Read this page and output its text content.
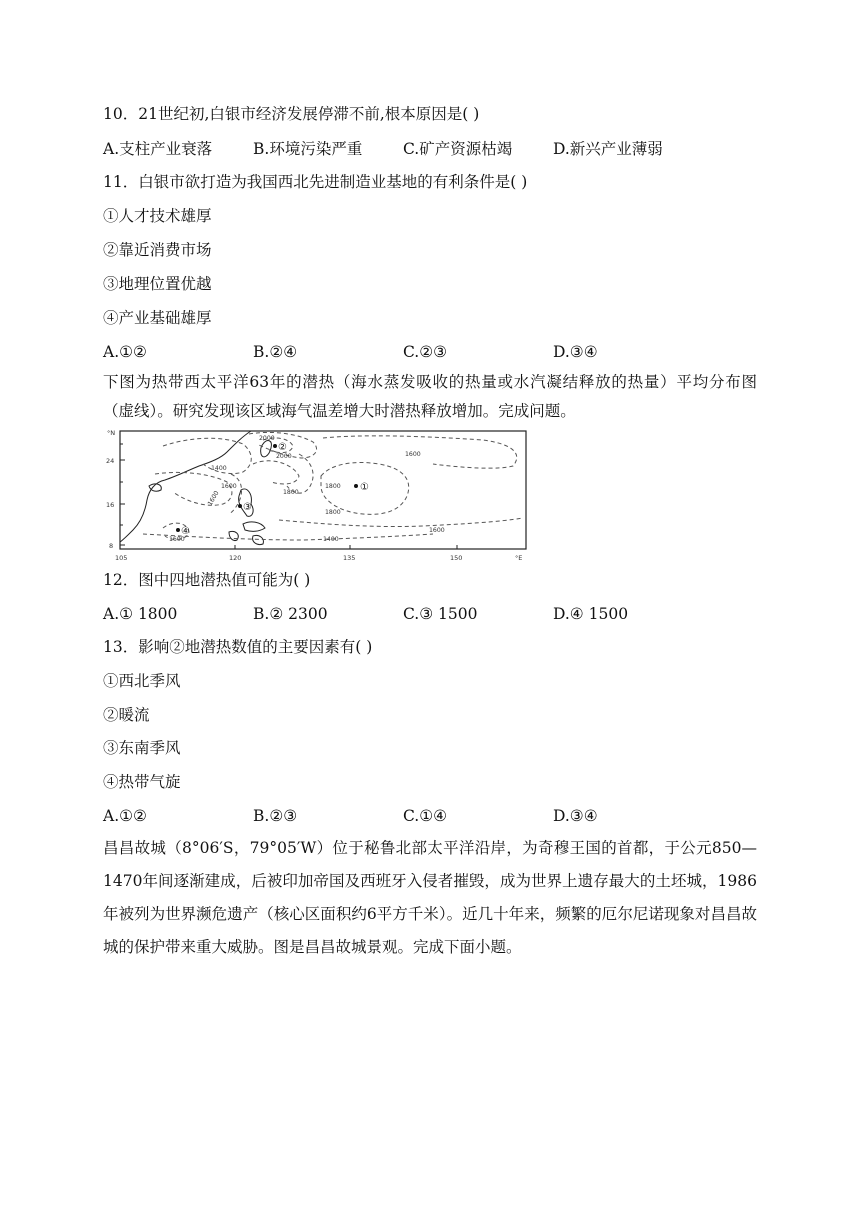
10．21世纪初,白银市经济发展停滞不前,根本原因是( )
A.支柱产业衰落	B.环境污染严重	C.矿产资源枯竭	D.新兴产业薄弱
11．白银市欲打造为我国西北先进制造业基地的有利条件是( )
①人才技术雄厚
②靠近消费市场
③地理位置优越
④产业基础雄厚
A.①②	B.②④	C.②③	D.③④
下图为热带西太平洋63年的潜热（海水蒸发吸收的热量或水汽凝结释放的热量）平均分布图（虚线）。研究发现该区域海气温差增大时潜热释放增加。完成问题。
°N
24
16
8
105	120	135	150	°E
1400
2000
2000
1600
1800
1600
1800
1800
1600
1600
1400
1600
①
②
③
④
12．图中四地潜热值可能为( )
A.① 1800	B.② 2300	C.③ 1500	D.④ 1500
13．影响②地潜热数值的主要因素有( )
①西北季风
②暖流
③东南季风
④热带气旋
A.①②	B.②③	C.①④	D.③④
昌昌故城（8°06′S，79°05′W）位于秘鲁北部太平洋沿岸，为奇穆王国的首都，于公元850—1470年间逐渐建成，后被印加帝国及西班牙入侵者摧毁，成为世界上遗存最大的土坯城，1986年被列为世界濒危遗产（核心区面积约6平方千米）。近几十年来，频繁的厄尔尼诺现象对昌昌故城的保护带来重大威胁。图是昌昌故城景观。完成下面小题。
